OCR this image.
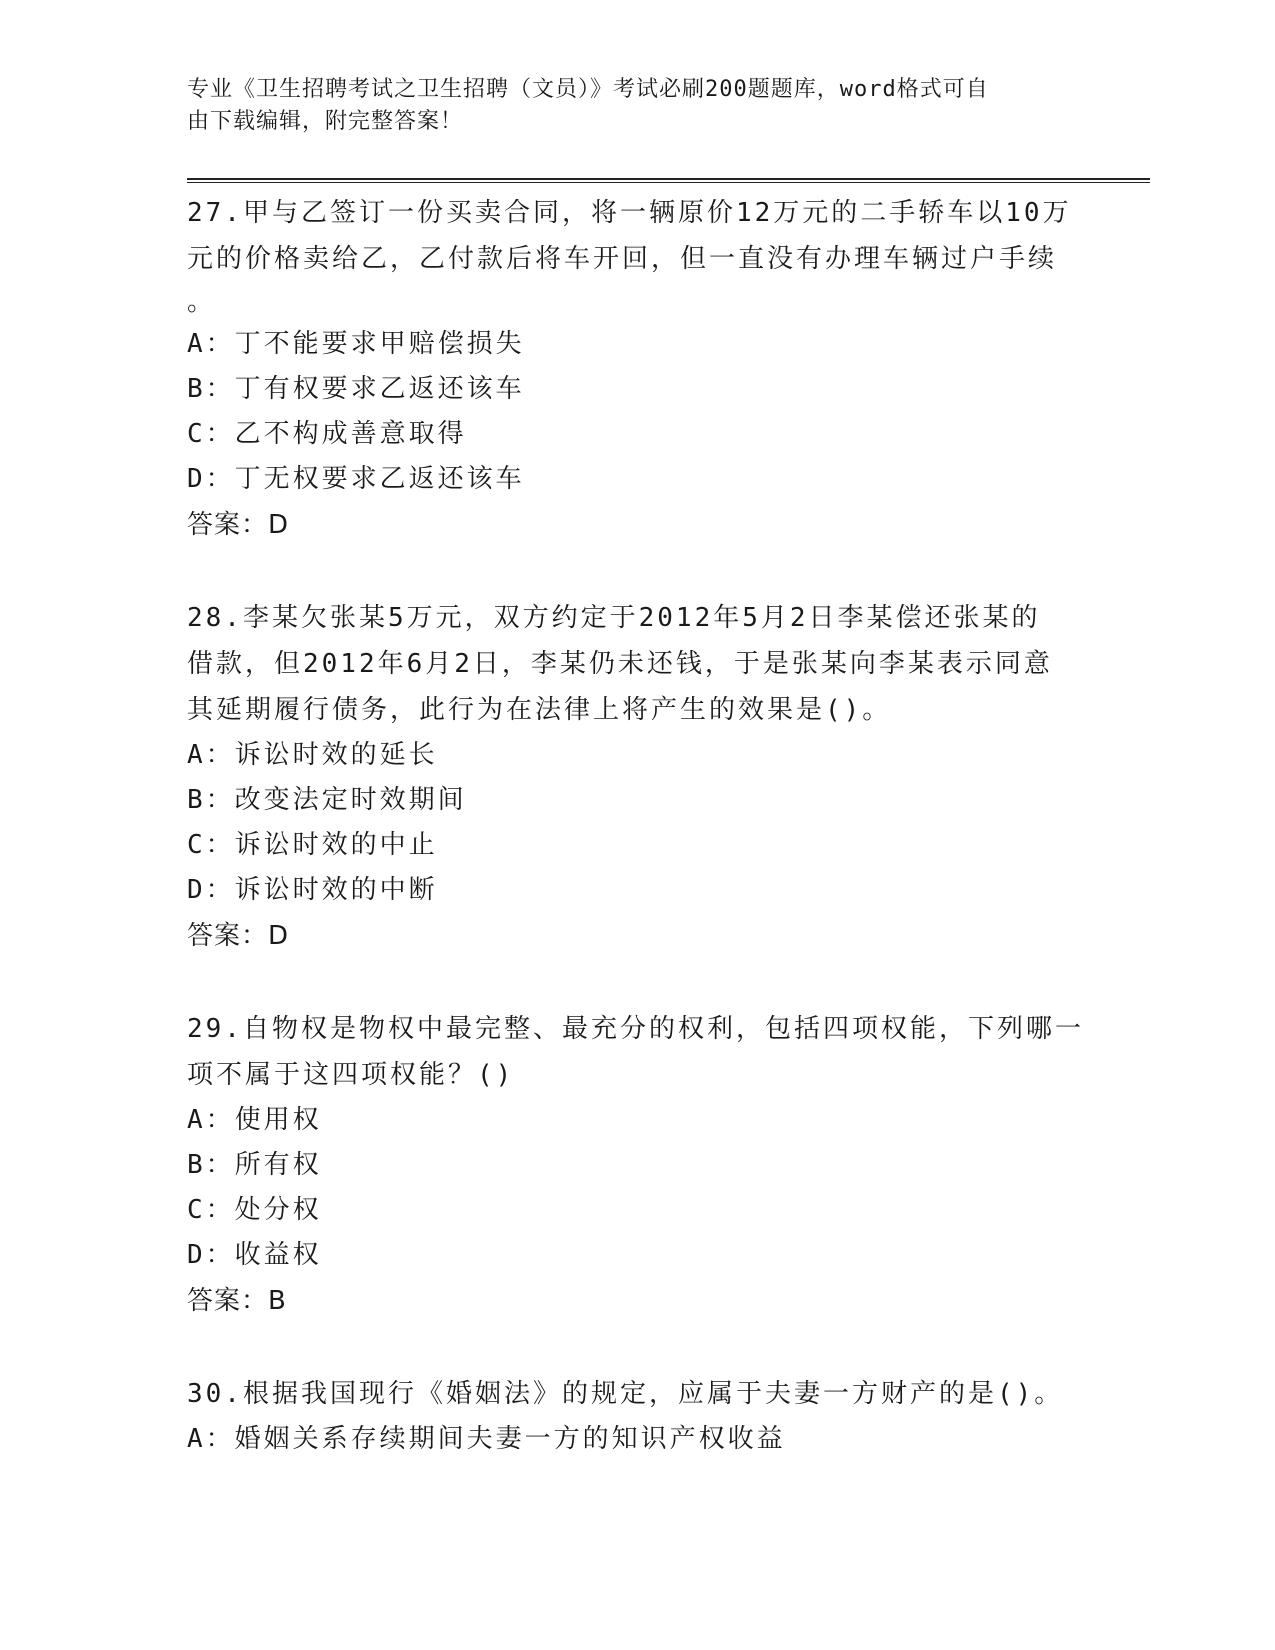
专业《卫生招聘考试之卫生招聘（文员）》考试必刷200题题库，word格式可自
由下载编辑，附完整答案！
27.甲与乙签订一份买卖合同，将一辆原价12万元的二手轿车以10万
元的价格卖给乙，乙付款后将车开回，但一直没有办理车辆过户手续
。
A：丁不能要求甲赔偿损失
B：丁有权要求乙返还该车
C：乙不构成善意取得
D：丁无权要求乙返还该车
答案：D
28.李某欠张某5万元，双方约定于2012年5月2日李某偿还张某的
借款，但2012年6月2日，李某仍未还钱，于是张某向李某表示同意
其延期履行债务，此行为在法律上将产生的效果是()。
A：诉讼时效的延长
B：改变法定时效期间
C：诉讼时效的中止
D：诉讼时效的中断
答案：D
29.自物权是物权中最完整、最充分的权利，包括四项权能，下列哪一
项不属于这四项权能？()
A：使用权
B：所有权
C：处分权
D：收益权
答案：B
30.根据我国现行《婚姻法》的规定，应属于夫妻一方财产的是()。
A：婚姻关系存续期间夫妻一方的知识产权收益
